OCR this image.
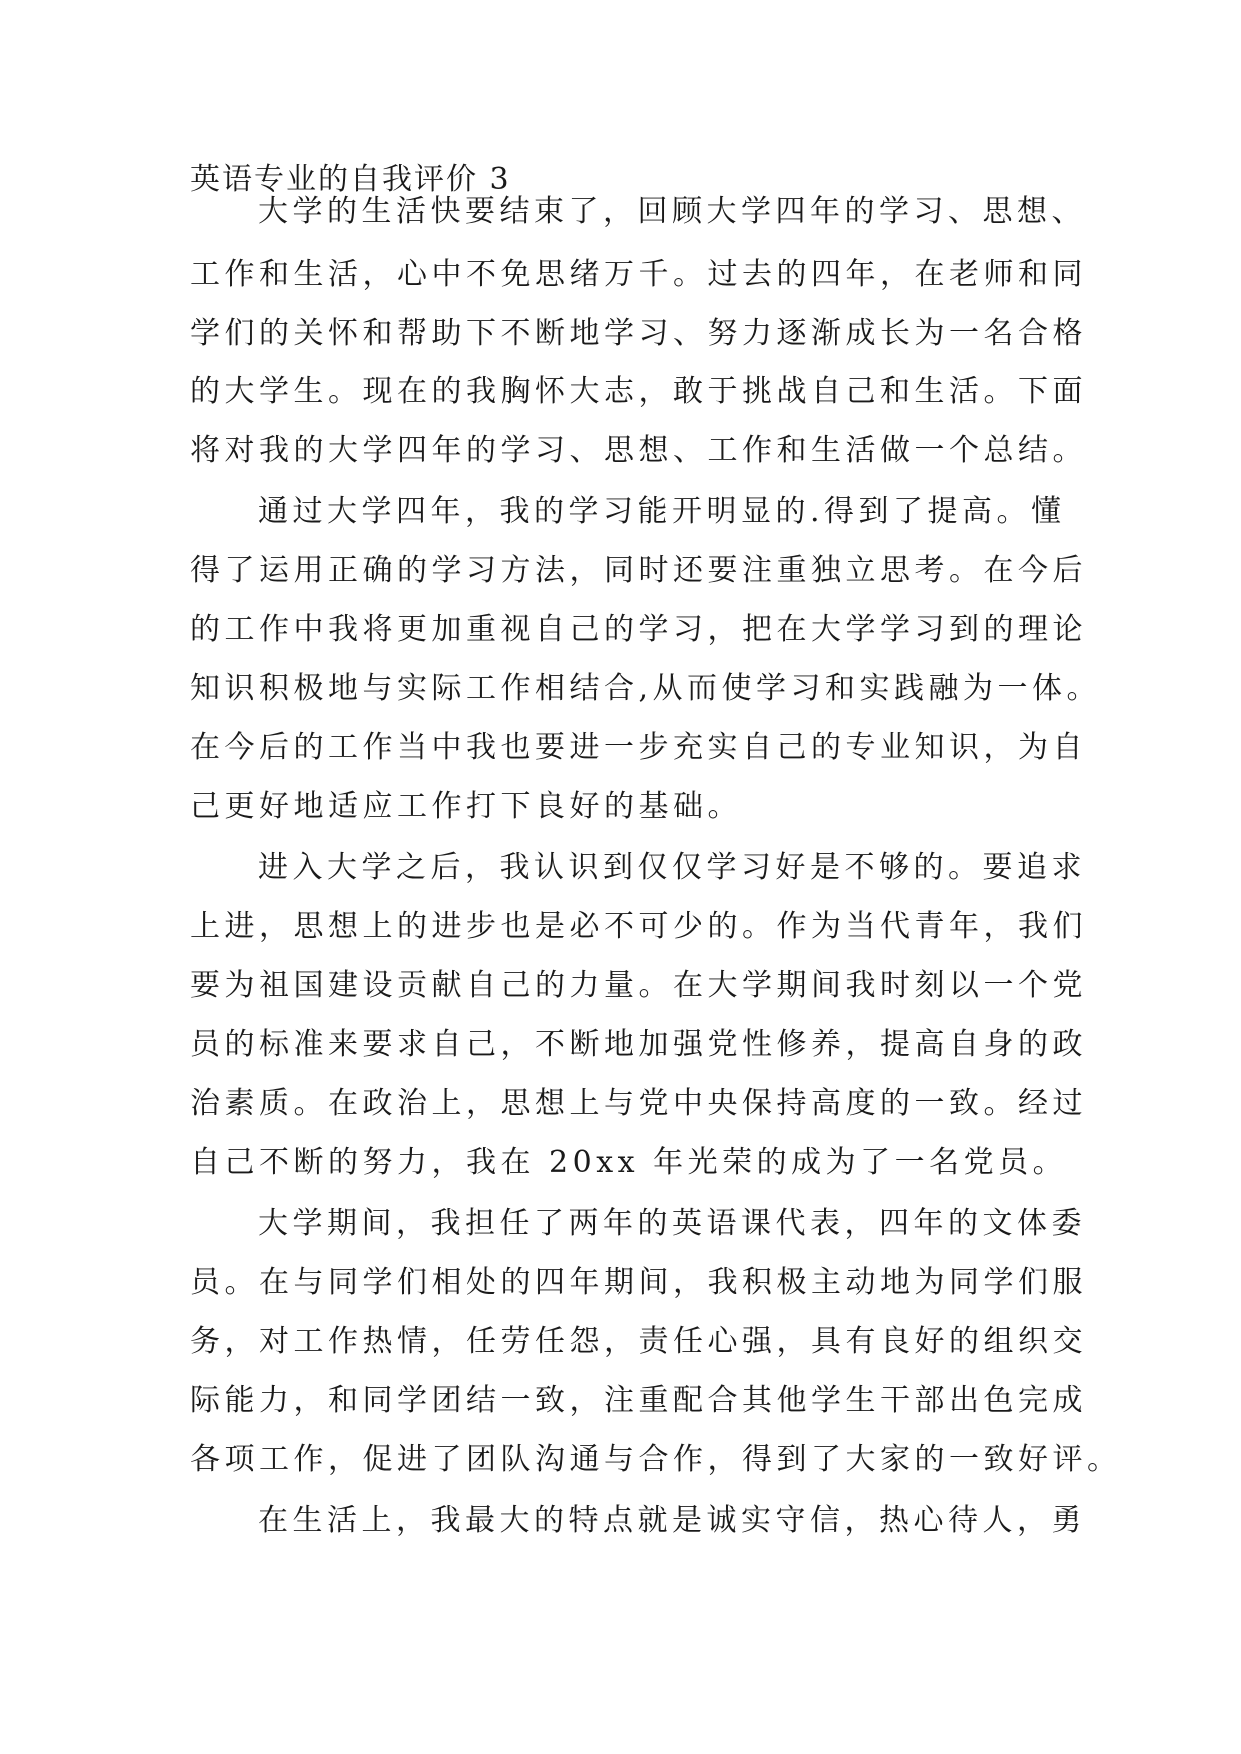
英语专业的自我评价 3
大学的生活快要结束了，回顾大学四年的学习、思想、
工作和生活，心中不免思绪万千。过去的四年，在老师和同
学们的关怀和帮助下不断地学习、努力逐渐成长为一名合格
的大学生。现在的我胸怀大志，敢于挑战自己和生活。下面
将对我的大学四年的学习、思想、工作和生活做一个总结。
通过大学四年，我的学习能开明显的.得到了提高。懂
得了运用正确的学习方法，同时还要注重独立思考。在今后
的工作中我将更加重视自己的学习，把在大学学习到的理论
知识积极地与实际工作相结合,从而使学习和实践融为一体。
在今后的工作当中我也要进一步充实自己的专业知识，为自
己更好地适应工作打下良好的基础。
进入大学之后，我认识到仅仅学习好是不够的。要追求
上进，思想上的进步也是必不可少的。作为当代青年，我们
要为祖国建设贡献自己的力量。在大学期间我时刻以一个党
员的标准来要求自己，不断地加强党性修养，提高自身的政
治素质。在政治上，思想上与党中央保持高度的一致。经过
自己不断的努力，我在 20xx 年光荣的成为了一名党员。
大学期间，我担任了两年的英语课代表，四年的文体委
员。在与同学们相处的四年期间，我积极主动地为同学们服
务，对工作热情，任劳任怨，责任心强，具有良好的组织交
际能力，和同学团结一致，注重配合其他学生干部出色完成
各项工作，促进了团队沟通与合作，得到了大家的一致好评。
在生活上，我最大的特点就是诚实守信，热心待人，勇
